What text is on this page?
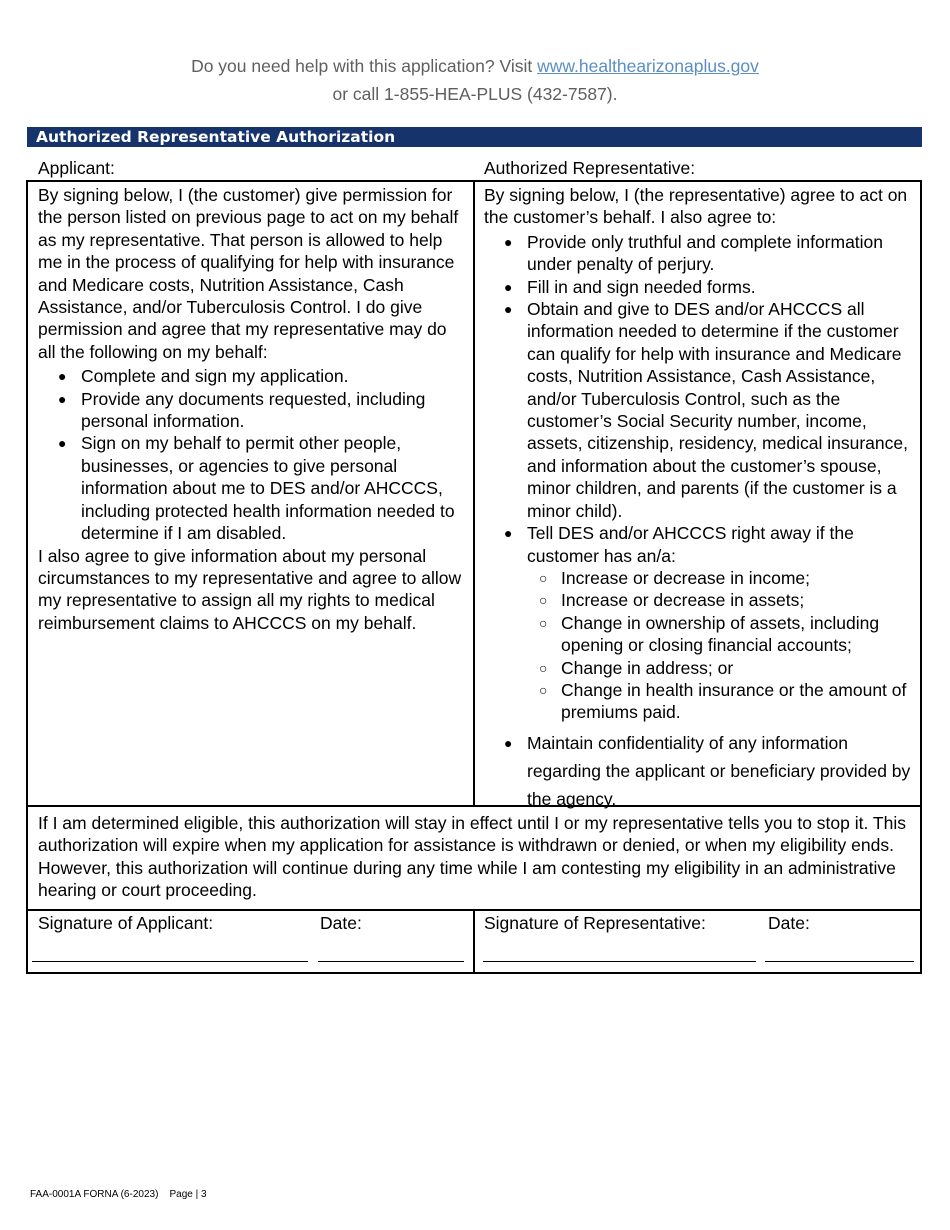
Do you need help with this application? Visit www.healthearizonaplus.gov
or call 1-855-HEA-PLUS (432-7587).
Authorized Representative Authorization
Applicant:	Authorized Representative:

By signing below, I (the customer) give permission for the person listed on previous page to act on my behalf as my representative. That person is allowed to help me in the process of qualifying for help with insurance and Medicare costs, Nutrition Assistance, Cash Assistance, and/or Tuberculosis Control. I do give permission and agree that my representative may do all the following on my behalf:

● Complete and sign my application.
● Provide any documents requested, including personal information.
● Sign on my behalf to permit other people, businesses, or agencies to give personal information about me to DES and/or AHCCCS, including protected health information needed to determine if I am disabled.

I also agree to give information about my personal circumstances to my representative and agree to allow my representative to assign all my rights to medical reimbursement claims to AHCCCS on my behalf.

By signing below, I (the representative) agree to act on the customer’s behalf. I also agree to:

● Provide only truthful and complete information under penalty of perjury.
● Fill in and sign needed forms.
● Obtain and give to DES and/or AHCCCS all information needed to determine if the customer can qualify for help with insurance and Medicare costs, Nutrition Assistance, Cash Assistance, and/or Tuberculosis Control, such as the customer’s Social Security number, income, assets, citizenship, residency, medical insurance, and information about the customer’s spouse, minor children, and parents (if the customer is a minor child).
● Tell DES and/or AHCCCS right away if the customer has an/a:
○ Increase or decrease in income;
○ Increase or decrease in assets;
○ Change in ownership of assets, including opening or closing financial accounts;
○ Change in address; or
○ Change in health insurance or the amount of premiums paid.
● Maintain confidentiality of any information regarding the applicant or beneficiary provided by the agency.
If I am determined eligible, this authorization will stay in effect until I or my representative tells you to stop it. This authorization will expire when my application for assistance is withdrawn or denied, or when my eligibility ends. However, this authorization will continue during any time while I am contesting my eligibility in an administrative hearing or court proceeding.
Signature of Applicant:	Date:	Signature of Representative:	Date:
FAA-0001A FORNA (6-2023)    Page | 3
